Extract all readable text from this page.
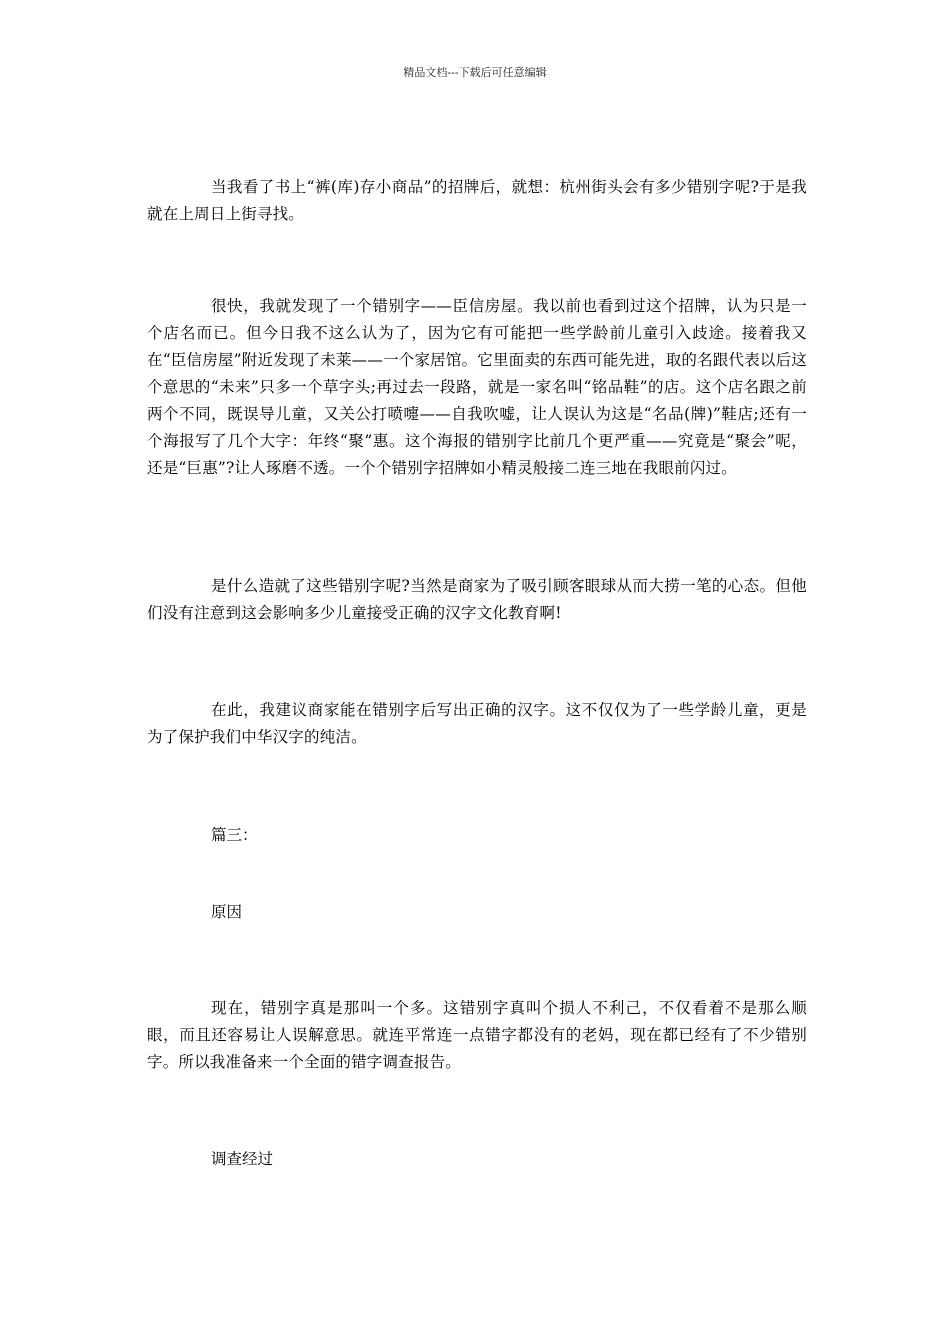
精品文档---下载后可任意编辑

当我看了书上“裤(库)存小商品”的招牌后，就想：杭州街头会有多少错别字呢?于是我就在上周日上街寻找。

很快，我就发现了一个错别字——臣信房屋。我以前也看到过这个招牌，认为只是一个店名而已。但今日我不这么认为了，因为它有可能把一些学龄前儿童引入歧途。接着我又在“臣信房屋”附近发现了未莱——一个家居馆。它里面卖的东西可能先进，取的名跟代表以后这个意思的“未来”只多一个草字头;再过去一段路，就是一家名叫“铭品鞋”的店。这个店名跟之前两个不同，既误导儿童，又关公打喷嚏——自我吹嘘，让人误认为这是“名品(牌)”鞋店;还有一个海报写了几个大字：年终“聚”惠。这个海报的错别字比前几个更严重——究竟是“聚会”呢，还是“巨惠”?让人琢磨不透。一个个错别字招牌如小精灵般接二连三地在我眼前闪过。

是什么造就了这些错别字呢?当然是商家为了吸引顾客眼球从而大捞一笔的心态。但他们没有注意到这会影响多少儿童接受正确的汉字文化教育啊!

在此，我建议商家能在错别字后写出正确的汉字。这不仅仅为了一些学龄儿童，更是为了保护我们中华汉字的纯洁。

篇三：

原因

现在，错别字真是那叫一个多。这错别字真叫个损人不利己，不仅看着不是那么顺眼，而且还容易让人误解意思。就连平常连一点错字都没有的老妈，现在都已经有了不少错别字。所以我准备来一个全面的错字调查报告。

调查经过
